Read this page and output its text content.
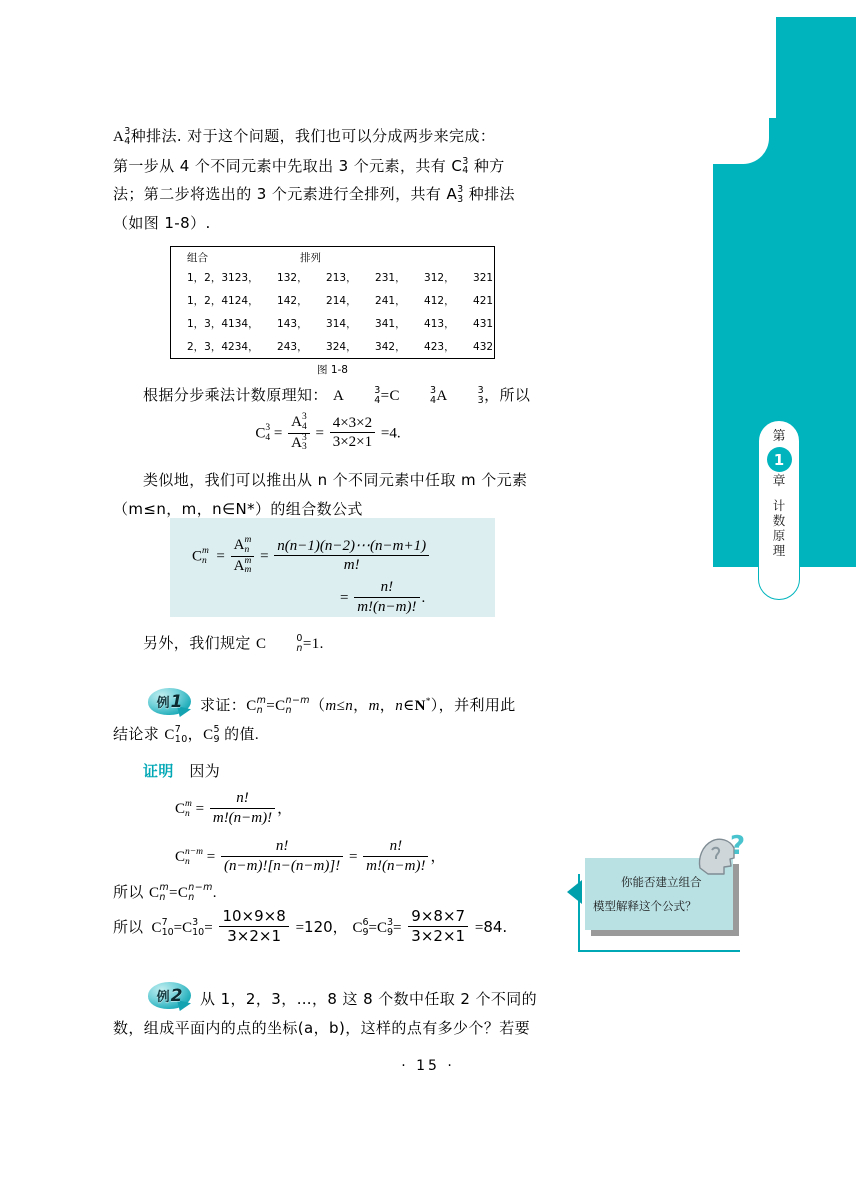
第
1
章
计
数
原
理

A 3
4 种排法. 对于这个问题，我们也可以分成两步来完成：

第一步从 4 个不同元素中先取出 3 个元素，共有 C 3
4 种方

法；第二步将选出的 3 个元素进行全排列，共有 A 3
3 种排法

（如图 1-8）.

组合	排列
1，2，3	123， 132， 213， 231， 312， 321
1，2，4	124， 142， 214， 241， 412， 421
1，3，4	134， 143， 314， 341， 413， 431
2，3，4	234， 243， 324， 342， 423， 432
图 1-8

根据分步乘法计数原理知： A	3
4 =C	3
4 A	3
3 ，所以

C 3
4 = A 3
4
A 3
$3 = \frac{4\times 3\times 2}{3\times 2\times 1} =4$.

类似地，我们可以推出从 n 个不同元素中任取 m 个元素

（m≤n，m，n∈N*）的组合数公式

C m
n = A m
n
A m
$m = \frac{n(n-1)(n-2)\cdots(n-m+1)}{m!}$
= $\frac{n!}{m!(n-m)!}$ .

另外，我们规定 C	0
n =1.

例 1 求证：C m
n =C n−m
n	（m≤n，m，n∈N*），并利用此

结论求 C 7
10 ，C 5
9 的值.

证明 因为

C m
$n = \frac{n!}{m!(n-m)!}$ ，
C n−m
n	= $\frac{n!}{(n-m)![n-(n-m)]!} = \frac{n!}{m!(n-m)!}$ ，

所以 C m
n =C n−m
n	.

所以  C 7
10 =C 3
$10 = \frac{10\times 9\times 8}{3\times 2\times 1} =120$， C 6
9 =C 3
$9 = \frac{9\times 8\times 7}{3\times 2\times 1} =84$.
你能否建立组合
模型解释这个公式？
?
例 2 从 1，2，3，…，8 这 8 个数中任取 2 个不同的

数，组成平面内的点的坐标(a，b)，这样的点有多少个？若要

· 15 ·
